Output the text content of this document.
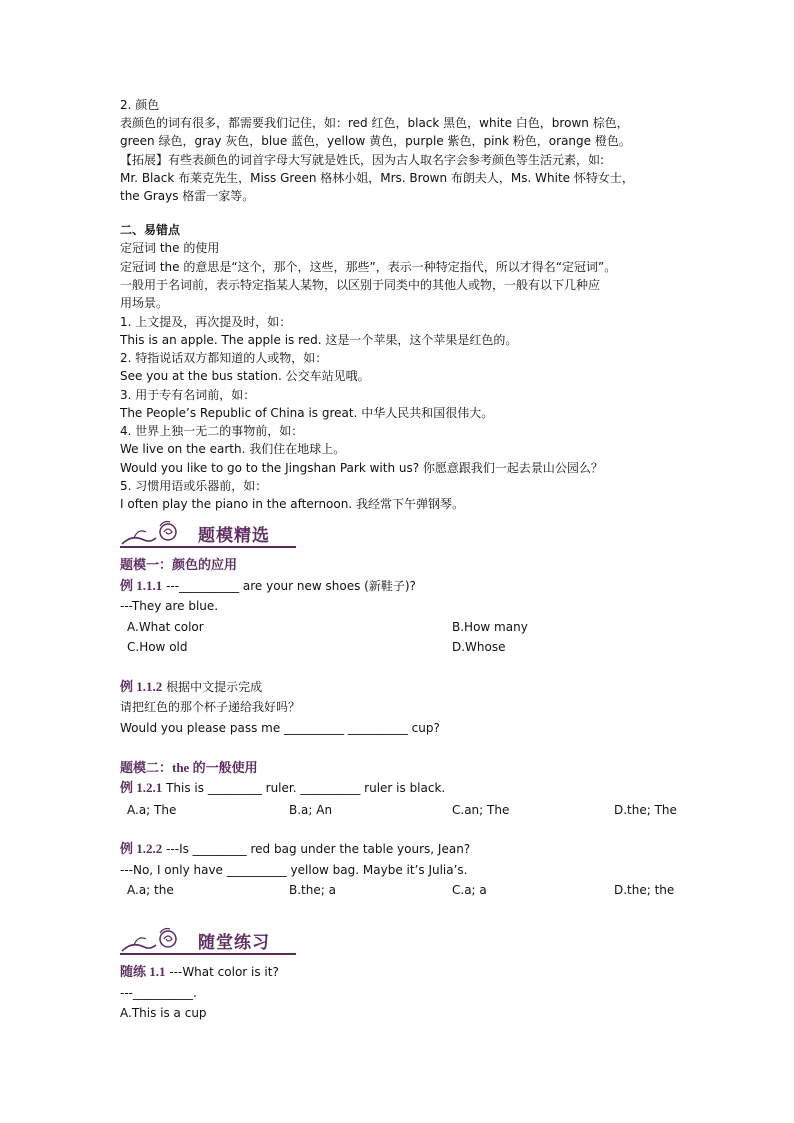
2. 颜色
表颜色的词有很多，都需要我们记住，如：red 红色，black 黑色，white 白色，brown 棕色，
green 绿色，gray 灰色，blue 蓝色，yellow 黄色，purple 紫色，pink 粉色，orange 橙色。
【拓展】有些表颜色的词首字母大写就是姓氏，因为古人取名字会参考颜色等生活元素，如:
Mr. Black 布莱克先生，Miss Green 格林小姐，Mrs. Brown 布朗夫人，Ms. White 怀特女士，
the Grays 格雷一家等。
二、易错点
定冠词 the 的使用
定冠词 the 的意思是“这个，那个，这些，那些”，表示一种特定指代，所以才得名“定冠词”。
一般用于名词前，表示特定指某人某物，以区别于同类中的其他人或物，一般有以下几种应
用场景。
1. 上文提及，再次提及时，如：
This is an apple. The apple is red. 这是一个苹果，这个苹果是红色的。
2. 特指说话双方都知道的人或物，如：
See you at the bus station. 公交车站见哦。
3. 用于专有名词前，如：
The People’s Republic of China is great. 中华人民共和国很伟大。
4. 世界上独一无二的事物前，如：
We live on the earth. 我们住在地球上。
Would you like to go to the Jingshan Park with us? 你愿意跟我们一起去景山公园么？
5. 习惯用语或乐器前，如：
I often play the piano in the afternoon. 我经常下午弹钢琴。
题模精选
题模一：颜色的应用
例 1.1.1 ---__________ are your new shoes (新鞋子)?
---They are blue.
A.What color	B.How many
C.How old	D.Whose
例 1.1.2 根据中文提示完成
请把红色的那个杯子递给我好吗？
Would you please pass me __________ __________ cup?
题模二：the 的一般使用
例 1.2.1 This is _________ ruler. __________ ruler is black.
A.a; The	B.a; An	C.an; The	D.the; The
例 1.2.2 ---Is _________ red bag under the table yours, Jean?
---No, I only have __________ yellow bag. Maybe it’s Julia’s.
A.a; the	B.the; a	C.a; a	D.the; the
随堂练习
随练 1.1 ---What color is it?
---__________.
A.This is a cup
